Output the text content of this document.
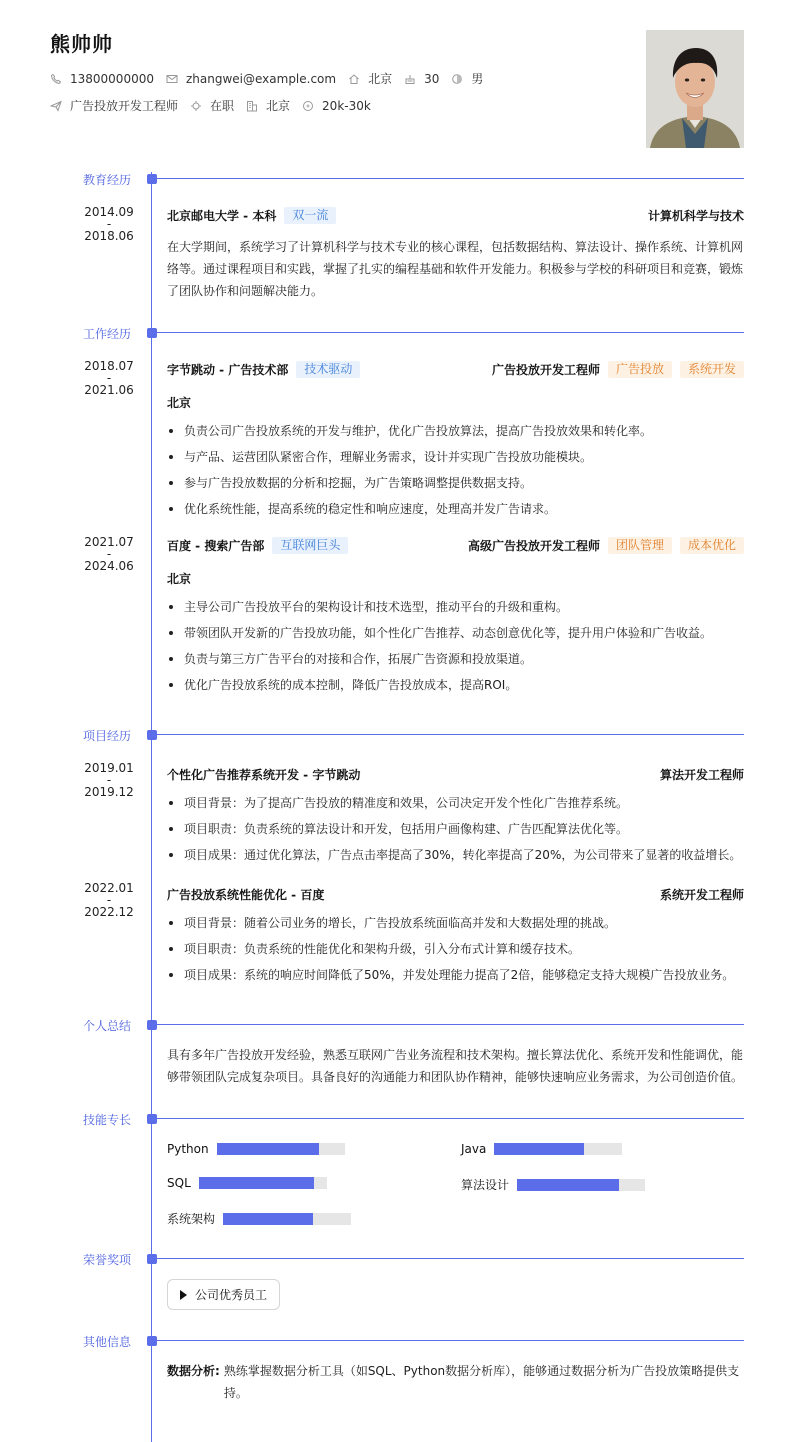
熊帅帅
13800000000	zhangwei@example.com	北京	30	男
广告投放开发工程师	在职	北京	20k-30k
教育经历
2014.09
-
2018.06
北京邮电大学 - 本科	双一流	计算机科学与技术
在大学期间，系统学习了计算机科学与技术专业的核心课程，包括数据结构、算法设计、操作系统、计算机网络等。通过课程项目和实践，掌握了扎实的编程基础和软件开发能力。积极参与学校的科研项目和竞赛，锻炼了团队协作和问题解决能力。
工作经历
2018.07
-
2021.06
字节跳动 - 广告技术部	技术驱动	广告投放开发工程师	广告投放	系统开发
北京
负责公司广告投放系统的开发与维护，优化广告投放算法，提高广告投放效果和转化率。
与产品、运营团队紧密合作，理解业务需求，设计并实现广告投放功能模块。
参与广告投放数据的分析和挖掘，为广告策略调整提供数据支持。
优化系统性能，提高系统的稳定性和响应速度，处理高并发广告请求。
2021.07
-
2024.06
百度 - 搜索广告部	互联网巨头	高级广告投放开发工程师	团队管理	成本优化
北京
主导公司广告投放平台的架构设计和技术选型，推动平台的升级和重构。
带领团队开发新的广告投放功能，如个性化广告推荐、动态创意优化等，提升用户体验和广告收益。
负责与第三方广告平台的对接和合作，拓展广告资源和投放渠道。
优化广告投放系统的成本控制，降低广告投放成本，提高ROI。
项目经历
2019.01
-
2019.12
个性化广告推荐系统开发 - 字节跳动	算法开发工程师
项目背景：为了提高广告投放的精准度和效果，公司决定开发个性化广告推荐系统。
项目职责：负责系统的算法设计和开发，包括用户画像构建、广告匹配算法优化等。
项目成果：通过优化算法，广告点击率提高了30%，转化率提高了20%，为公司带来了显著的收益增长。
2022.01
-
2022.12
广告投放系统性能优化 - 百度	系统开发工程师
项目背景：随着公司业务的增长，广告投放系统面临高并发和大数据处理的挑战。
项目职责：负责系统的性能优化和架构升级，引入分布式计算和缓存技术。
项目成果：系统的响应时间降低了50%，并发处理能力提高了2倍，能够稳定支持大规模广告投放业务。
个人总结
具有多年广告投放开发经验，熟悉互联网广告业务流程和技术架构。擅长算法优化、系统开发和性能调优，能够带领团队完成复杂项目。具备良好的沟通能力和团队协作精神，能够快速响应业务需求，为公司创造价值。
技能专长
Python	Java
SQL	算法设计
系统架构
荣誉奖项
公司优秀员工
其他信息
数据分析: 熟练掌握数据分析工具（如SQL、Python数据分析库），能够通过数据分析为广告投放策略提供支持。
